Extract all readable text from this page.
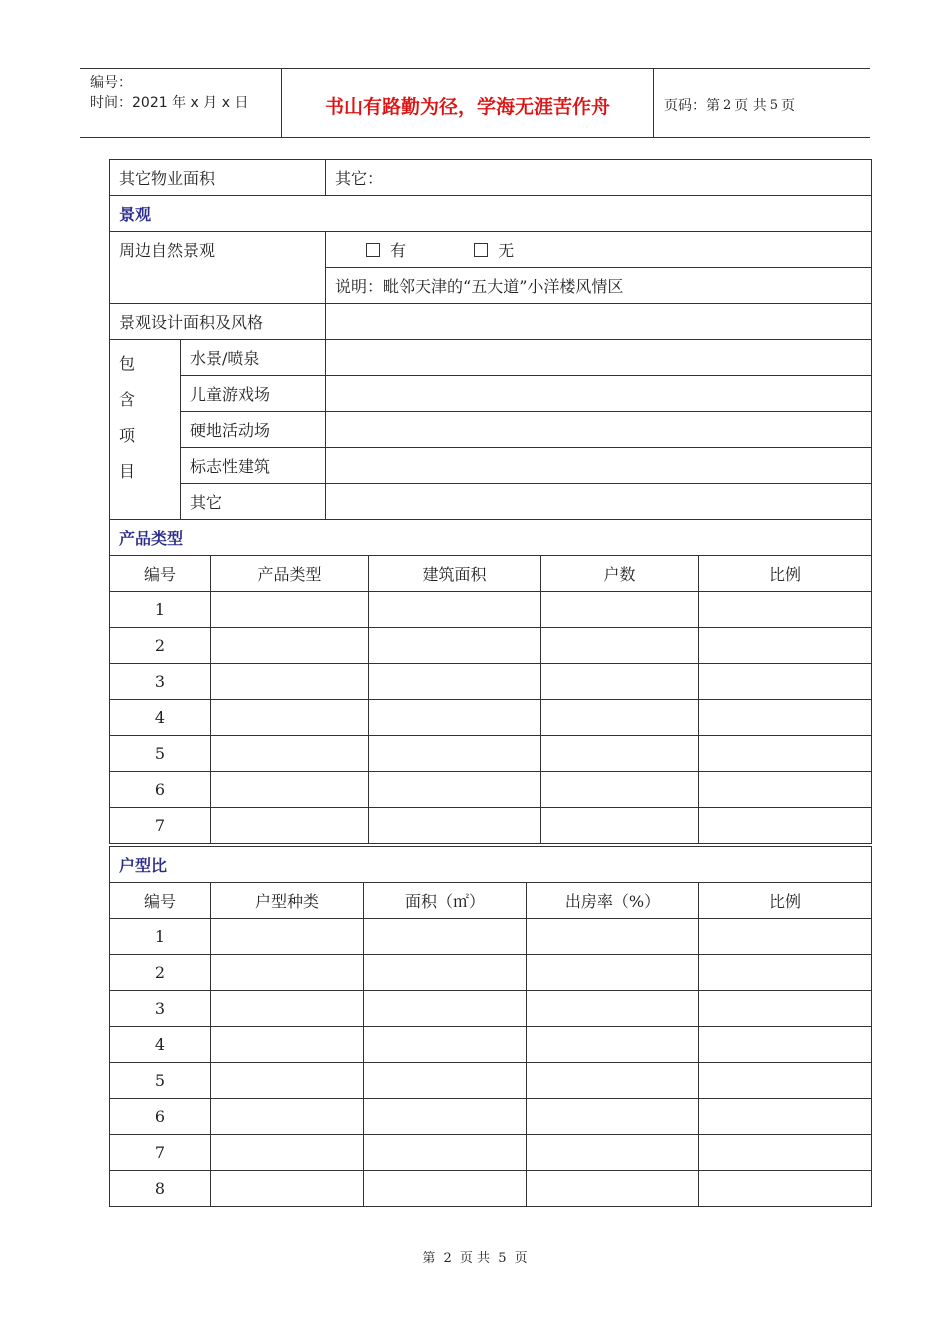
编号：
时间：2021 年 x 月 x 日	书山有路勤为径，学海无涯苦作舟	页码：第 2 页 共 5 页
其它物业面积		其它：
景观		
周边自然景观		有 无
		说明：毗邻天津的“五大道”小洋楼风情区
景观设计面积及风格		

包
含
项
目	水景/喷泉	
	儿童游戏场	
	硬地活动场	
	标志性建筑	
	其它	
产品类型				
编号	产品类型	建筑面积	户数	比例
1				
2				
3				
4				
5				
6				
7				
户型比				
编号	户型种类	面积（㎡）	出房率（%）	比例
1				
2				
3				
4				
5				
6				
7				
8				
第 2 页 共 5 页
